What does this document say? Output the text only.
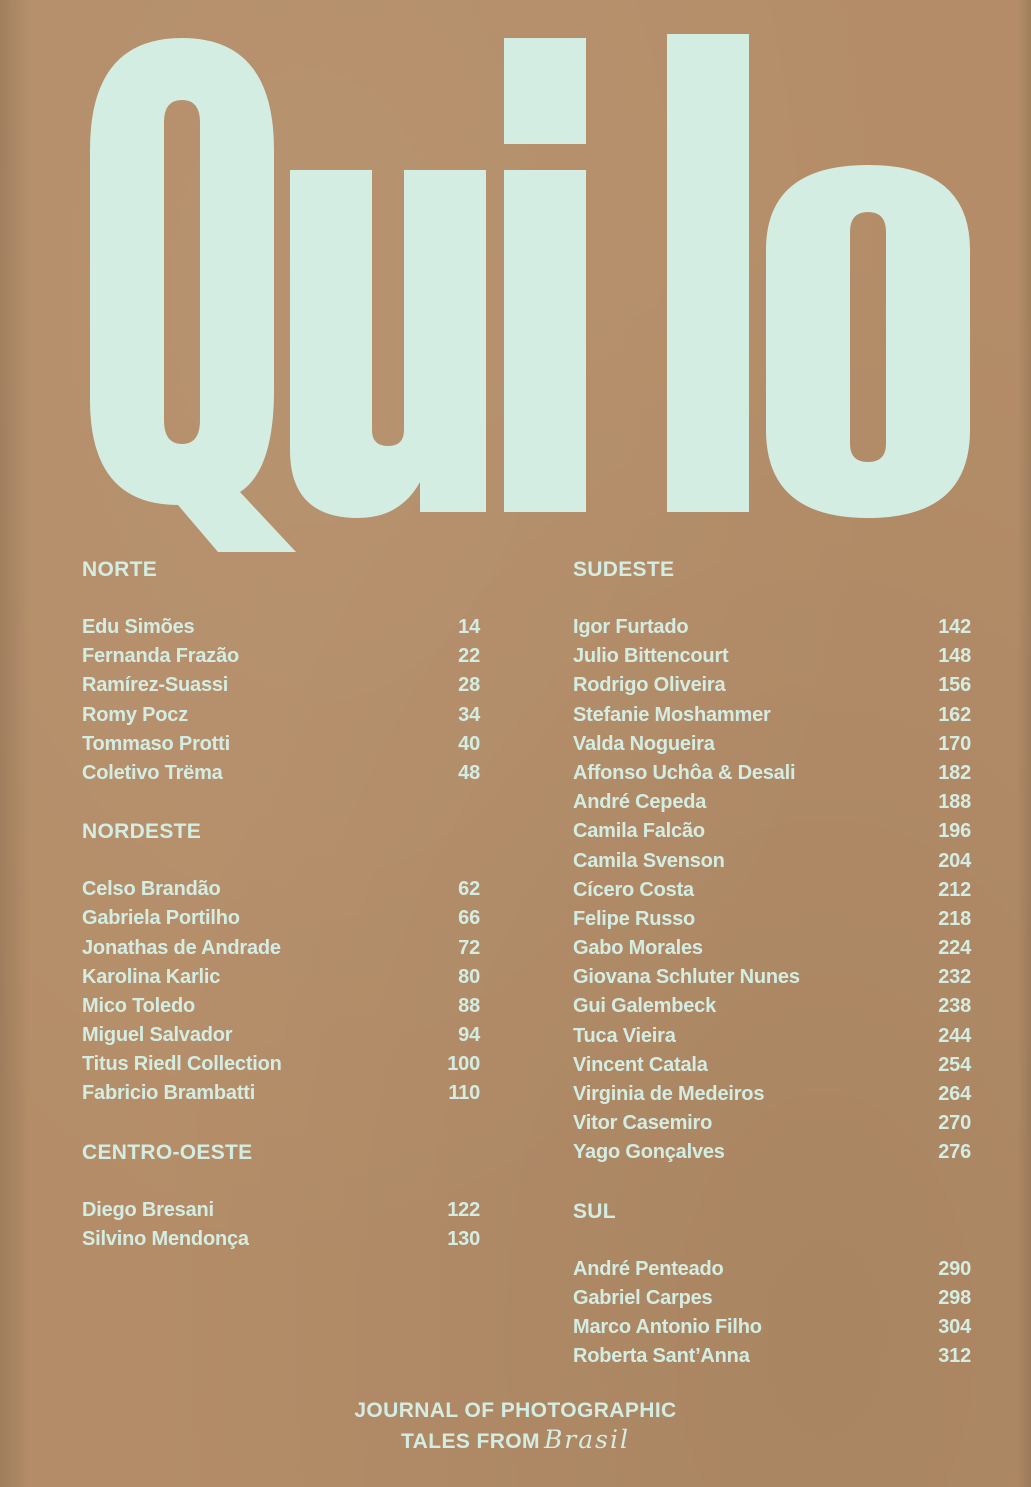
NORTE
Edu Simões	14
Fernanda Frazão	22
Ramírez-Suassi	28
Romy Pocz	34
Tommaso Protti	40
Coletivo Trëma	48
NORDESTE
Celso Brandão	62
Gabriela Portilho	66
Jonathas de Andrade	72
Karolina Karlic	80
Mico Toledo	88
Miguel Salvador	94
Titus Riedl Collection	100
Fabricio Brambatti	110
CENTRO-OESTE
Diego Bresani	122
Silvino Mendonça	130
SUDESTE
Igor Furtado	142
Julio Bittencourt	148
Rodrigo Oliveira	156
Stefanie Moshammer	162
Valda Nogueira	170
Affonso Uchôa & Desali	182
André Cepeda	188
Camila Falcão	196
Camila Svenson	204
Cícero Costa	212
Felipe Russo	218
Gabo Morales	224
Giovana Schluter Nunes	232
Gui Galembeck	238
Tuca Vieira	244
Vincent Catala	254
Virginia de Medeiros	264
Vitor Casemiro	270
Yago Gonçalves	276
SUL
André Penteado	290
Gabriel Carpes	298
Marco Antonio Filho	304
Roberta Sant’Anna	312
JOURNAL OF PHOTOGRAPHIC
TALES FROM Brasil
